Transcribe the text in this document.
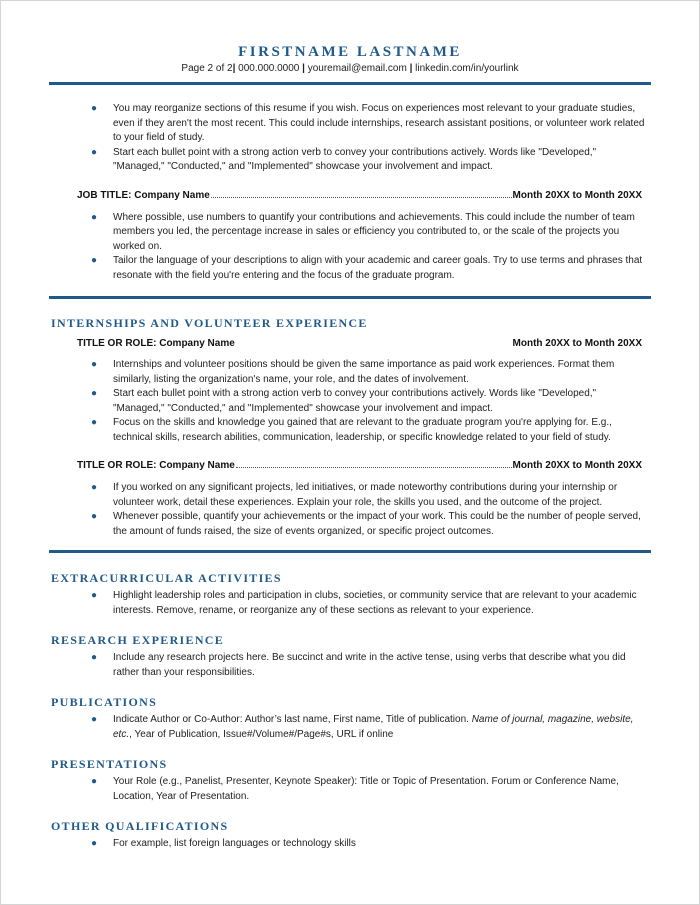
FIRSTNAME LASTNAME
Page 2 of 2| 000.000.0000 | youremail@email.com | linkedin.com/in/yourlink
● You may reorganize sections of this resume if you wish. Focus on experiences most relevant to your graduate studies, even if they aren't the most recent. This could include internships, research assistant positions, or volunteer work related to your field of study.
● Start each bullet point with a strong action verb to convey your contributions actively. Words like "Developed," "Managed," "Conducted," and "Implemented" showcase your involvement and impact.
JOB TITLE: Company Name	Month 20XX to Month 20XX
● Where possible, use numbers to quantify your contributions and achievements. This could include the number of team members you led, the percentage increase in sales or efficiency you contributed to, or the scale of the projects you worked on.
● Tailor the language of your descriptions to align with your academic and career goals. Try to use terms and phrases that resonate with the field you're entering and the focus of the graduate program.
INTERNSHIPS AND VOLUNTEER EXPERIENCE
TITLE OR ROLE: Company Name	Month 20XX to Month 20XX
● Internships and volunteer positions should be given the same importance as paid work experiences. Format them similarly, listing the organization's name, your role, and the dates of involvement.
● Start each bullet point with a strong action verb to convey your contributions actively. Words like "Developed," "Managed," "Conducted," and "Implemented" showcase your involvement and impact.
● Focus on the skills and knowledge you gained that are relevant to the graduate program you're applying for. E.g., technical skills, research abilities, communication, leadership, or specific knowledge related to your field of study.
TITLE OR ROLE: Company Name	Month 20XX to Month 20XX
● If you worked on any significant projects, led initiatives, or made noteworthy contributions during your internship or volunteer work, detail these experiences. Explain your role, the skills you used, and the outcome of the project.
● Whenever possible, quantify your achievements or the impact of your work. This could be the number of people served, the amount of funds raised, the size of events organized, or specific project outcomes.
EXTRACURRICULAR ACTIVITIES
● Highlight leadership roles and participation in clubs, societies, or community service that are relevant to your academic interests. Remove, rename, or reorganize any of these sections as relevant to your experience.
RESEARCH EXPERIENCE
● Include any research projects here. Be succinct and write in the active tense, using verbs that describe what you did rather than your responsibilities.
PUBLICATIONS
● Indicate Author or Co-Author: Author’s last name, First name, Title of publication. Name of journal, magazine, website, etc., Year of Publication, Issue#/Volume#/Page#s, URL if online
PRESENTATIONS
● Your Role (e.g., Panelist, Presenter, Keynote Speaker): Title or Topic of Presentation. Forum or Conference Name, Location, Year of Presentation.
OTHER QUALIFICATIONS
● For example, list foreign languages or technology skills
